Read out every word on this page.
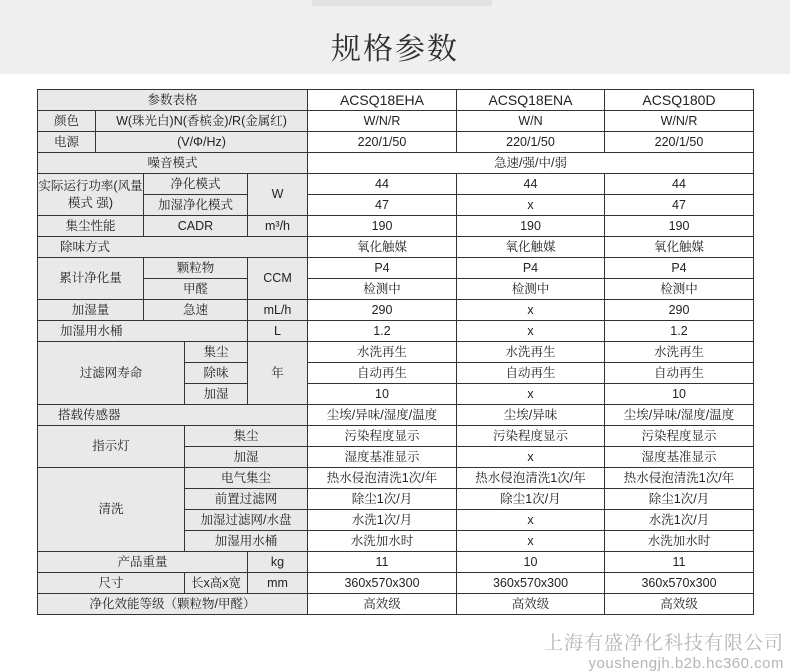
规格参数
参数表格					ACSQ18EHA	ACSQ18ENA	ACSQ180D
颜色	W(珠光白)N(香槟金)/R(金属红)				W/N/R	W/N	W/N/R
电源	(V/Φ/Hz)				220/1/50	220/1/50	220/1/50
噪音模式					急速/强/中/弱		
实际运行功率(风量模式 强)		净化模式		W	44	44	44
		加湿净化模式			47	x	47
集尘性能		CADR		m³/h	190	190	190
除味方式					氧化触媒	氧化触媒	氧化触媒
累计净化量		颗粒物		CCM	P4	P4	P4
		甲醛			检测中	检测中	检测中
加湿量		急速		mL/h	290	x	290
加湿用水桶				L	1.2	x	1.2
过滤网寿命			集尘	年	水洗再生	水洗再生	水洗再生
			除味		自动再生	自动再生	自动再生
			加湿		10	x	10
搭载传感器					尘埃/异味/湿度/温度	尘埃/异味	尘埃/异味/湿度/温度
指示灯			集尘		污染程度显示	污染程度显示	污染程度显示
			加湿		湿度基准显示	x	湿度基准显示
清洗			电气集尘		热水侵泡清洗1次/年	热水侵泡清洗1次/年	热水侵泡清洗1次/年
			前置过滤网		除尘1次/月	除尘1次/月	除尘1次/月
			加湿过滤网/水盘		水洗1次/月	x	水洗1次/月
			加湿用水桶		水洗加水时	x	水洗加水时
产品重量				kg	11	10	11
尺寸			长x高x宽	mm	360x570x300	360x570x300	360x570x300
净化效能等级（颗粒物/甲醛）					高效级	高效级	高效级
上海有盛净化科技有限公司
youshengjh.b2b.hc360.com
